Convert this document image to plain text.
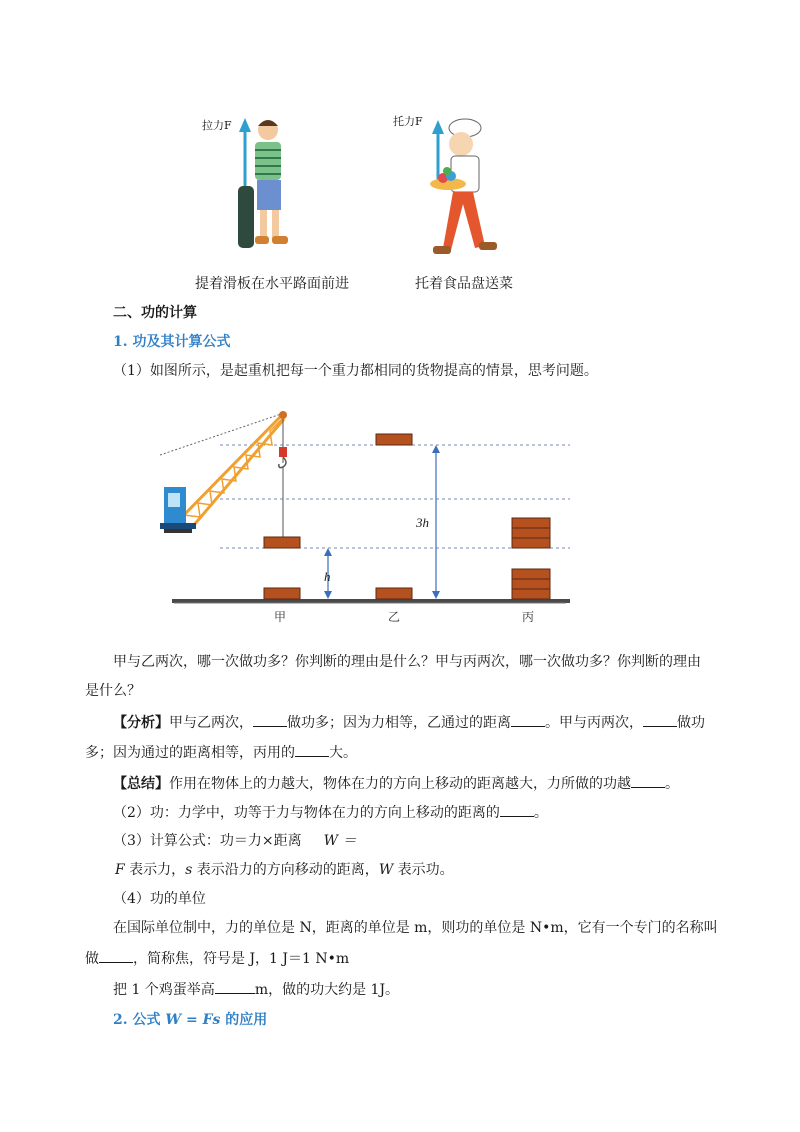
拉力F
提着滑板在水平路面前进
托力F
托着食品盘送菜
二、功的计算
1. 功及其计算公式
（1）如图所示，是起重机把每一个重力都相同的货物提高的情景，思考问题。
h
3h
甲	乙	丙
甲与乙两次，哪一次做功多？你判断的理由是什么？甲与丙两次，哪一次做功多？你判断的理由
是什么？
【分析】甲与乙两次， 做功多；因为力相等，乙通过的距离 。甲与丙两次， 做功
多；因为通过的距离相等，丙用的 大。
【总结】作用在物体上的力越大，物体在力的方向上移动的距离越大，力所做的功越 。
（2）功：力学中，功等于力与物体在力的方向上移动的距离的 。
（3）计算公式：功＝力×距离 W ＝
F 表示力，s 表示沿力的方向移动的距离，W 表示功。
（4）功的单位
在国际单位制中，力的单位是 N，距离的单位是 m，则功的单位是 N•m，它有一个专门的名称叫
做 ，简称焦，符号是 J，1 J＝1 N•m
把 1 个鸡蛋举高	m，做的功大约是 1J。
2. 公式 W = Fs 的应用
